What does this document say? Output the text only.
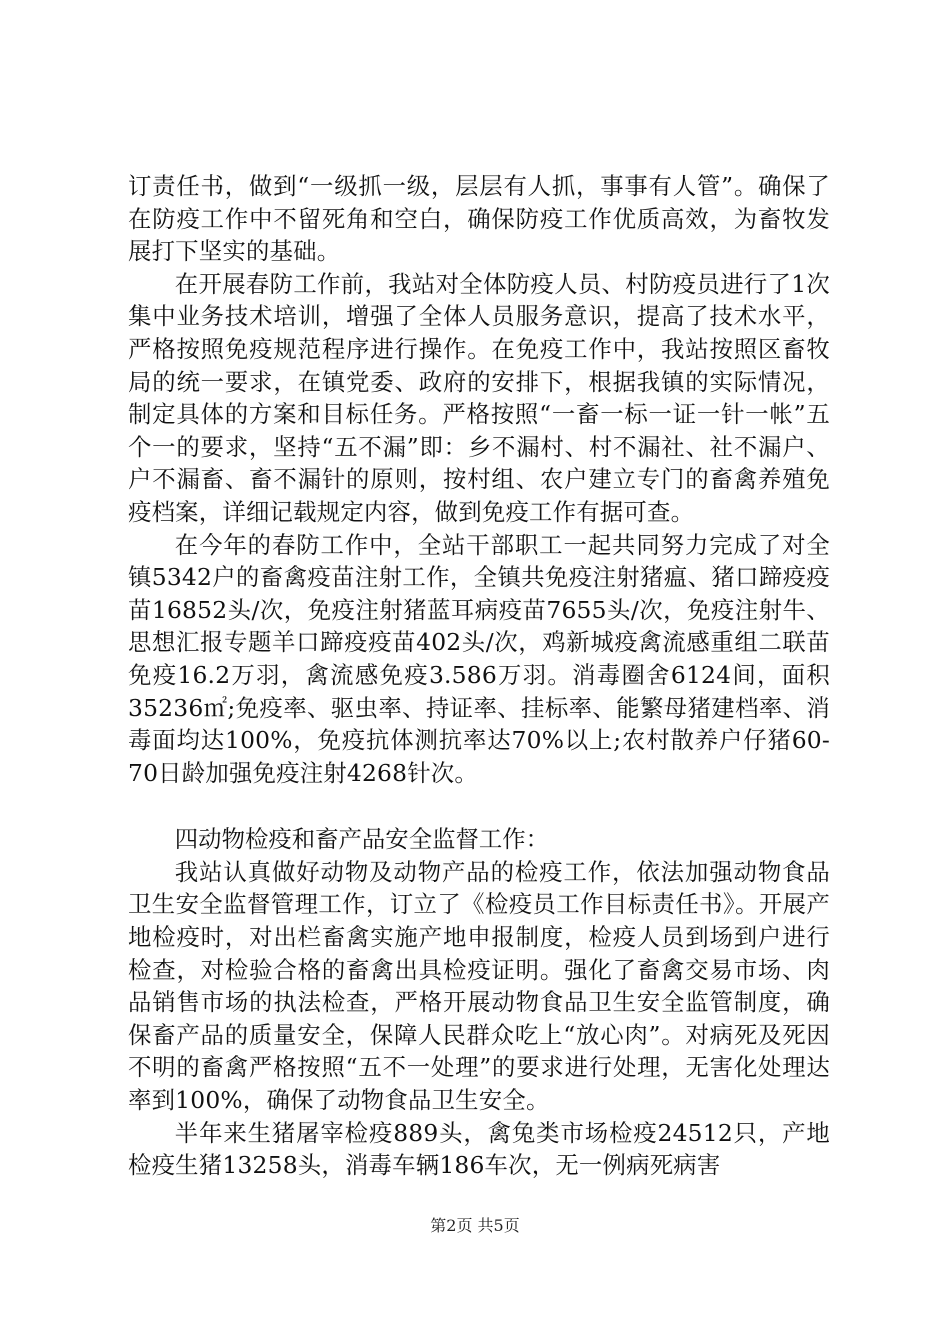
订责任书，做到“一级抓一级，层层有人抓，事事有人管”。确保了在防疫工作中不留死角和空白，确保防疫工作优质高效，为畜牧发展打下坚实的基础。

在开展春防工作前，我站对全体防疫人员、村防疫员进行了1次集中业务技术培训，增强了全体人员服务意识，提高了技术水平，严格按照免疫规范程序进行操作。在免疫工作中，我站按照区畜牧局的统一要求，在镇党委、政府的安排下，根据我镇的实际情况，制定具体的方案和目标任务。严格按照“一畜一标一证一针一帐”五个一的要求，坚持“五不漏”即：乡不漏村、村不漏社、社不漏户、户不漏畜、畜不漏针的原则，按村组、农户建立专门的畜禽养殖免疫档案，详细记载规定内容，做到免疫工作有据可查。

在今年的春防工作中，全站干部职工一起共同努力完成了对全镇5342户的畜禽疫苗注射工作，全镇共免疫注射猪瘟、猪口蹄疫疫苗16852头/次，免疫注射猪蓝耳病疫苗7655头/次，免疫注射牛、思想汇报专题羊口蹄疫疫苗402头/次，鸡新城疫禽流感重组二联苗免疫16.2万羽，禽流感免疫3.586万羽。消毒圈舍6124间，面积35236㎡;免疫率、驱虫率、持证率、挂标率、能繁母猪建档率、消毒面均达100%，免疫抗体测抗率达70%以上;农村散养户仔猪60-70日龄加强免疫注射4268针次。

四动物检疫和畜产品安全监督工作：

我站认真做好动物及动物产品的检疫工作，依法加强动物食品卫生安全监督管理工作，订立了《检疫员工作目标责任书》。开展产地检疫时，对出栏畜禽实施产地申报制度，检疫人员到场到户进行检查，对检验合格的畜禽出具检疫证明。强化了畜禽交易市场、肉品销售市场的执法检查，严格开展动物食品卫生安全监管制度，确保畜产品的质量安全，保障人民群众吃上“放心肉”。对病死及死因不明的畜禽严格按照“五不一处理”的要求进行处理，无害化处理达率到100%，确保了动物食品卫生安全。

半年来生猪屠宰检疫889头，禽兔类市场检疫24512只，产地检疫生猪13258头，消毒车辆186车次，无一例病死病害

第2页 共5页
